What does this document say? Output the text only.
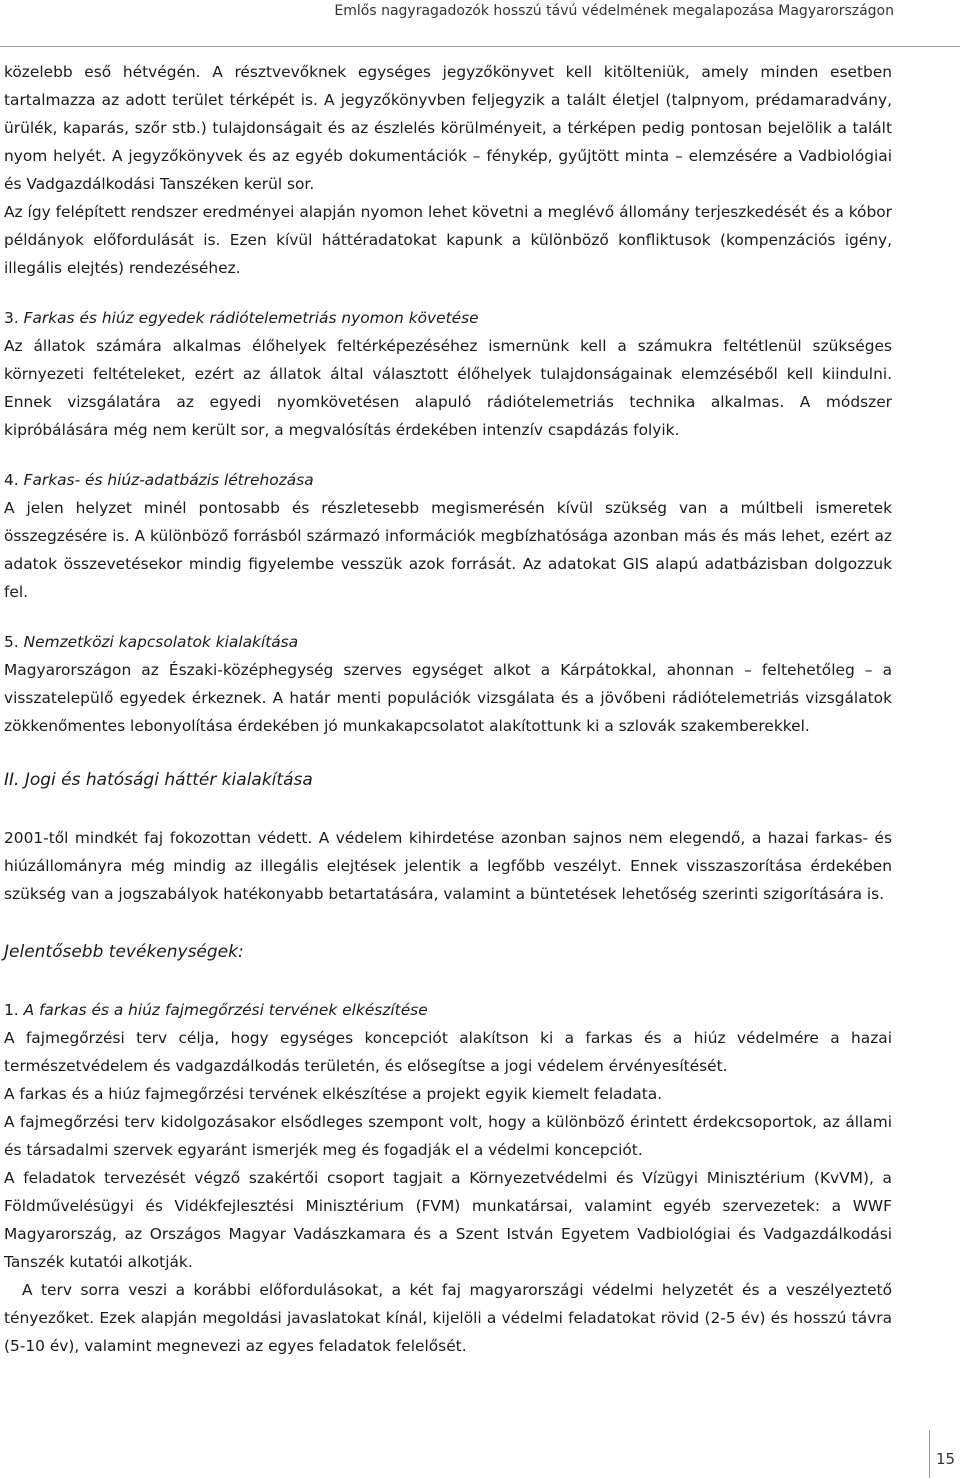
Emlős nagyragadozók hosszú távú védelmének megalapozása Magyarországon

közelebb eső hétvégén. A résztvevőknek egységes jegyzőkönyvet kell kitölteniük, amely minden esetben tartalmazza az adott terület térképét is. A jegyzőkönyvben feljegyzik a talált életjel (talpnyom, prédamaradvány, ürülék, kaparás, szőr stb.) tulajdonságait és az észlelés körülményeit, a térképen pedig pontosan bejelölik a talált nyom helyét. A jegyzőkönyvek és az egyéb dokumentációk – fénykép, gyűjtött minta – elemzésére a Vadbiológiai és Vadgazdálkodási Tanszéken kerül sor.

Az így felépített rendszer eredményei alapján nyomon lehet követni a meglévő állomány terjeszkedését és a kóbor példányok előfordulását is. Ezen kívül háttéradatokat kapunk a különböző konfliktusok (kompenzációs igény, illegális elejtés) rendezéséhez.

3. Farkas és hiúz egyedek rádiótelemetriás nyomon követése

Az állatok számára alkalmas élőhelyek feltérképezéséhez ismernünk kell a számukra feltétlenül szükséges környezeti feltételeket, ezért az állatok által választott élőhelyek tulajdonságainak elemzéséből kell kiindulni. Ennek vizsgálatára az egyedi nyomkövetésen alapuló rádiótelemetriás technika alkalmas. A módszer kipróbálására még nem került sor, a megvalósítás érdekében intenzív csapdázás folyik.

4. Farkas- és hiúz-adatbázis létrehozása

A jelen helyzet minél pontosabb és részletesebb megismerésén kívül szükség van a múltbeli ismeretek összegzésére is. A különböző forrásból származó információk megbízhatósága azonban más és más lehet, ezért az adatok összevetésekor mindig figyelembe vesszük azok forrását. Az adatokat GIS alapú adatbázisban dolgozzuk fel.

5. Nemzetközi kapcsolatok kialakítása

Magyarországon az Északi-középhegység szerves egységet alkot a Kárpátokkal, ahonnan – feltehetőleg – a visszatelepülő egyedek érkeznek. A határ menti populációk vizsgálata és a jövőbeni rádiótelemetriás vizsgálatok zökkenőmentes lebonyolítása érdekében jó munkakapcsolatot alakítottunk ki a szlovák szakemberekkel.

II. Jogi és hatósági háttér kialakítása

2001-től mindkét faj fokozottan védett. A védelem kihirdetése azonban sajnos nem elegendő, a hazai farkas- és hiúzállományra még mindig az illegális elejtések jelentik a legfőbb veszélyt. Ennek visszaszorítása érdekében szükség van a jogszabályok hatékonyabb betartatására, valamint a büntetések lehetőség szerinti szigorítására is.

Jelentősebb tevékenységek:
1. A farkas és a hiúz fajmegőrzési tervének elkészítése

A fajmegőrzési terv célja, hogy egységes koncepciót alakítson ki a farkas és a hiúz védelmére a hazai természetvédelem és vadgazdálkodás területén, és elősegítse a jogi védelem érvényesítését.

A farkas és a hiúz fajmegőrzési tervének elkészítése a projekt egyik kiemelt feladata.

A fajmegőrzési terv kidolgozásakor elsődleges szempont volt, hogy a különböző érintett érdekcsoportok, az állami és társadalmi szervek egyaránt ismerjék meg és fogadják el a védelmi koncepciót.

A feladatok tervezését végző szakértői csoport tagjait a Környezetvédelmi és Vízügyi Minisztérium (KvVM), a Földművelésügyi és Vidékfejlesztési Minisztérium (FVM) munkatársai, valamint egyéb szervezetek: a WWF Magyarország, az Országos Magyar Vadászkamara és a Szent István Egyetem Vadbiológiai és Vadgazdálkodási Tanszék kutatói alkotják.

A terv sorra veszi a korábbi előfordulásokat, a két faj magyarországi védelmi helyzetét és a veszélyeztető tényezőket. Ezek alapján megoldási javaslatokat kínál, kijelöli a védelmi feladatokat rövid (2-5 év) és hosszú távra (5-10 év), valamint megnevezi az egyes feladatok felelősét.

15
